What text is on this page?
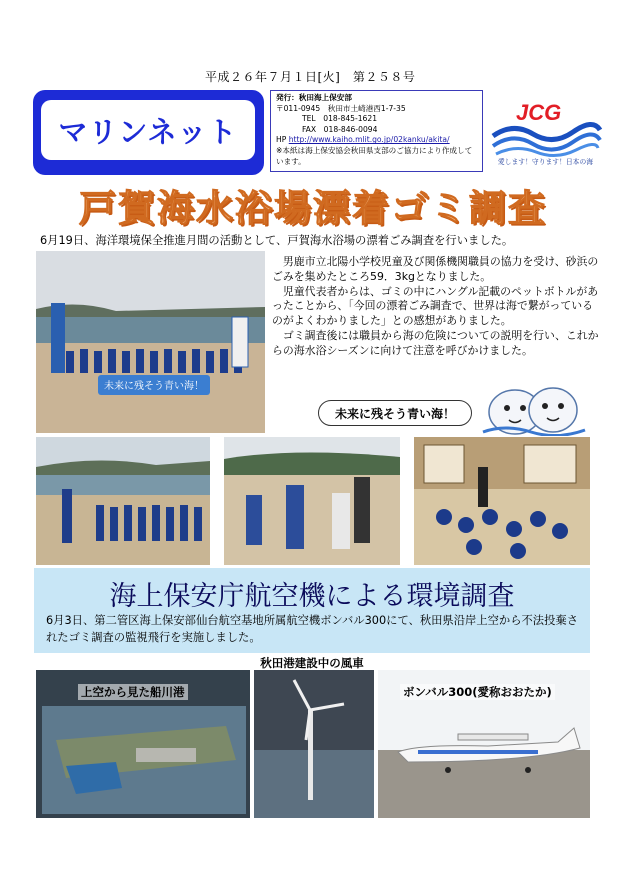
平成２６年７月１日[火]　第２５８号
マリンネット
発行：秋田海上保安部
〒011-0945　秋田市土崎港西1-7-35
TEL　018-845-1621
FAX　018-846-0094
HP http://www.kaiho.mlit.go.jp/02kanku/akita/
※本紙は海上保安協会秋田県支部のご協力により作成しています。
JCG
愛します！守ります！日本の海
戸賀海水浴場漂着ゴミ調査
6月19日、海洋環境保全推進月間の活動として、戸賀海水浴場の漂着ごみ調査を行いました。
未来に残そう青い海！

男鹿市立北陽小学校児童及び関係機関職員の協力を受け、砂浜のごみを集めたところ59．3kgとなりました。

児童代表者からは、ゴミの中にハングル記載のペットボトルがあったことから、「今回の漂着ごみ調査で、世界は海で繋がっているのがよくわかりました」との感想がありました。

ゴミ調査後には職員から海の危険についての説明を行い、これからの海水浴シーズンに向けて注意を呼びかけました。

未来に残そう青い海！
海上保安庁航空機による環境調査
6月3日、第二管区海上保安部仙台航空基地所属航空機ボンバル300にて、秋田県沿岸上空から不法投棄されたゴミ調査の監視飛行を実施しました。
秋田港建設中の風車
上空から見た船川港	ボンバル300(愛称おおたか)
